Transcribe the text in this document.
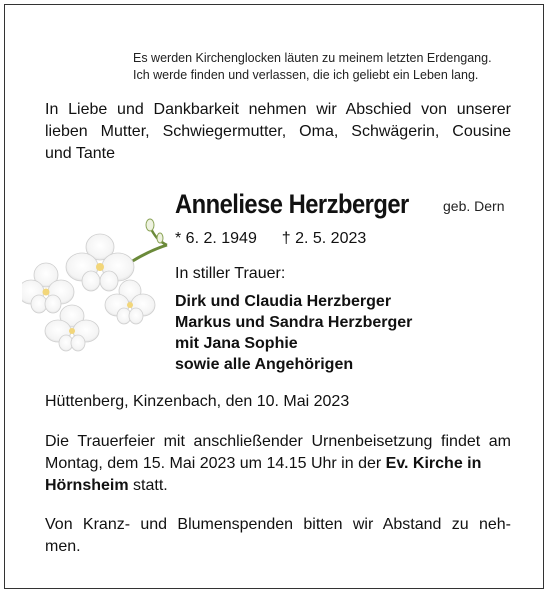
Es werden Kirchenglocken läuten zu meinem letzten Erdengang.
Ich werde finden und verlassen, die ich geliebt ein Leben lang.
In Liebe und Dankbarkeit nehmen wir Abschied von unserer
lieben Mutter, Schwiegermutter, Oma, Schwägerin, Cousine
und Tante
Anneliese Herzberger geb. Dern
* 6. 2. 1949 † 2. 5. 2023
In stiller Trauer:
Dirk und Claudia Herzberger
Markus und Sandra Herzberger
mit Jana Sophie
sowie alle Angehörigen
Hüttenberg, Kinzenbach, den 10. Mai 2023
Die Trauerfeier mit anschließender Urnenbeisetzung findet am
Montag, dem 15. Mai 2023 um 14.15 Uhr in der Ev. Kirche in
Hörnsheim statt.
Von Kranz- und Blumenspenden bitten wir Abstand zu neh-
men.
